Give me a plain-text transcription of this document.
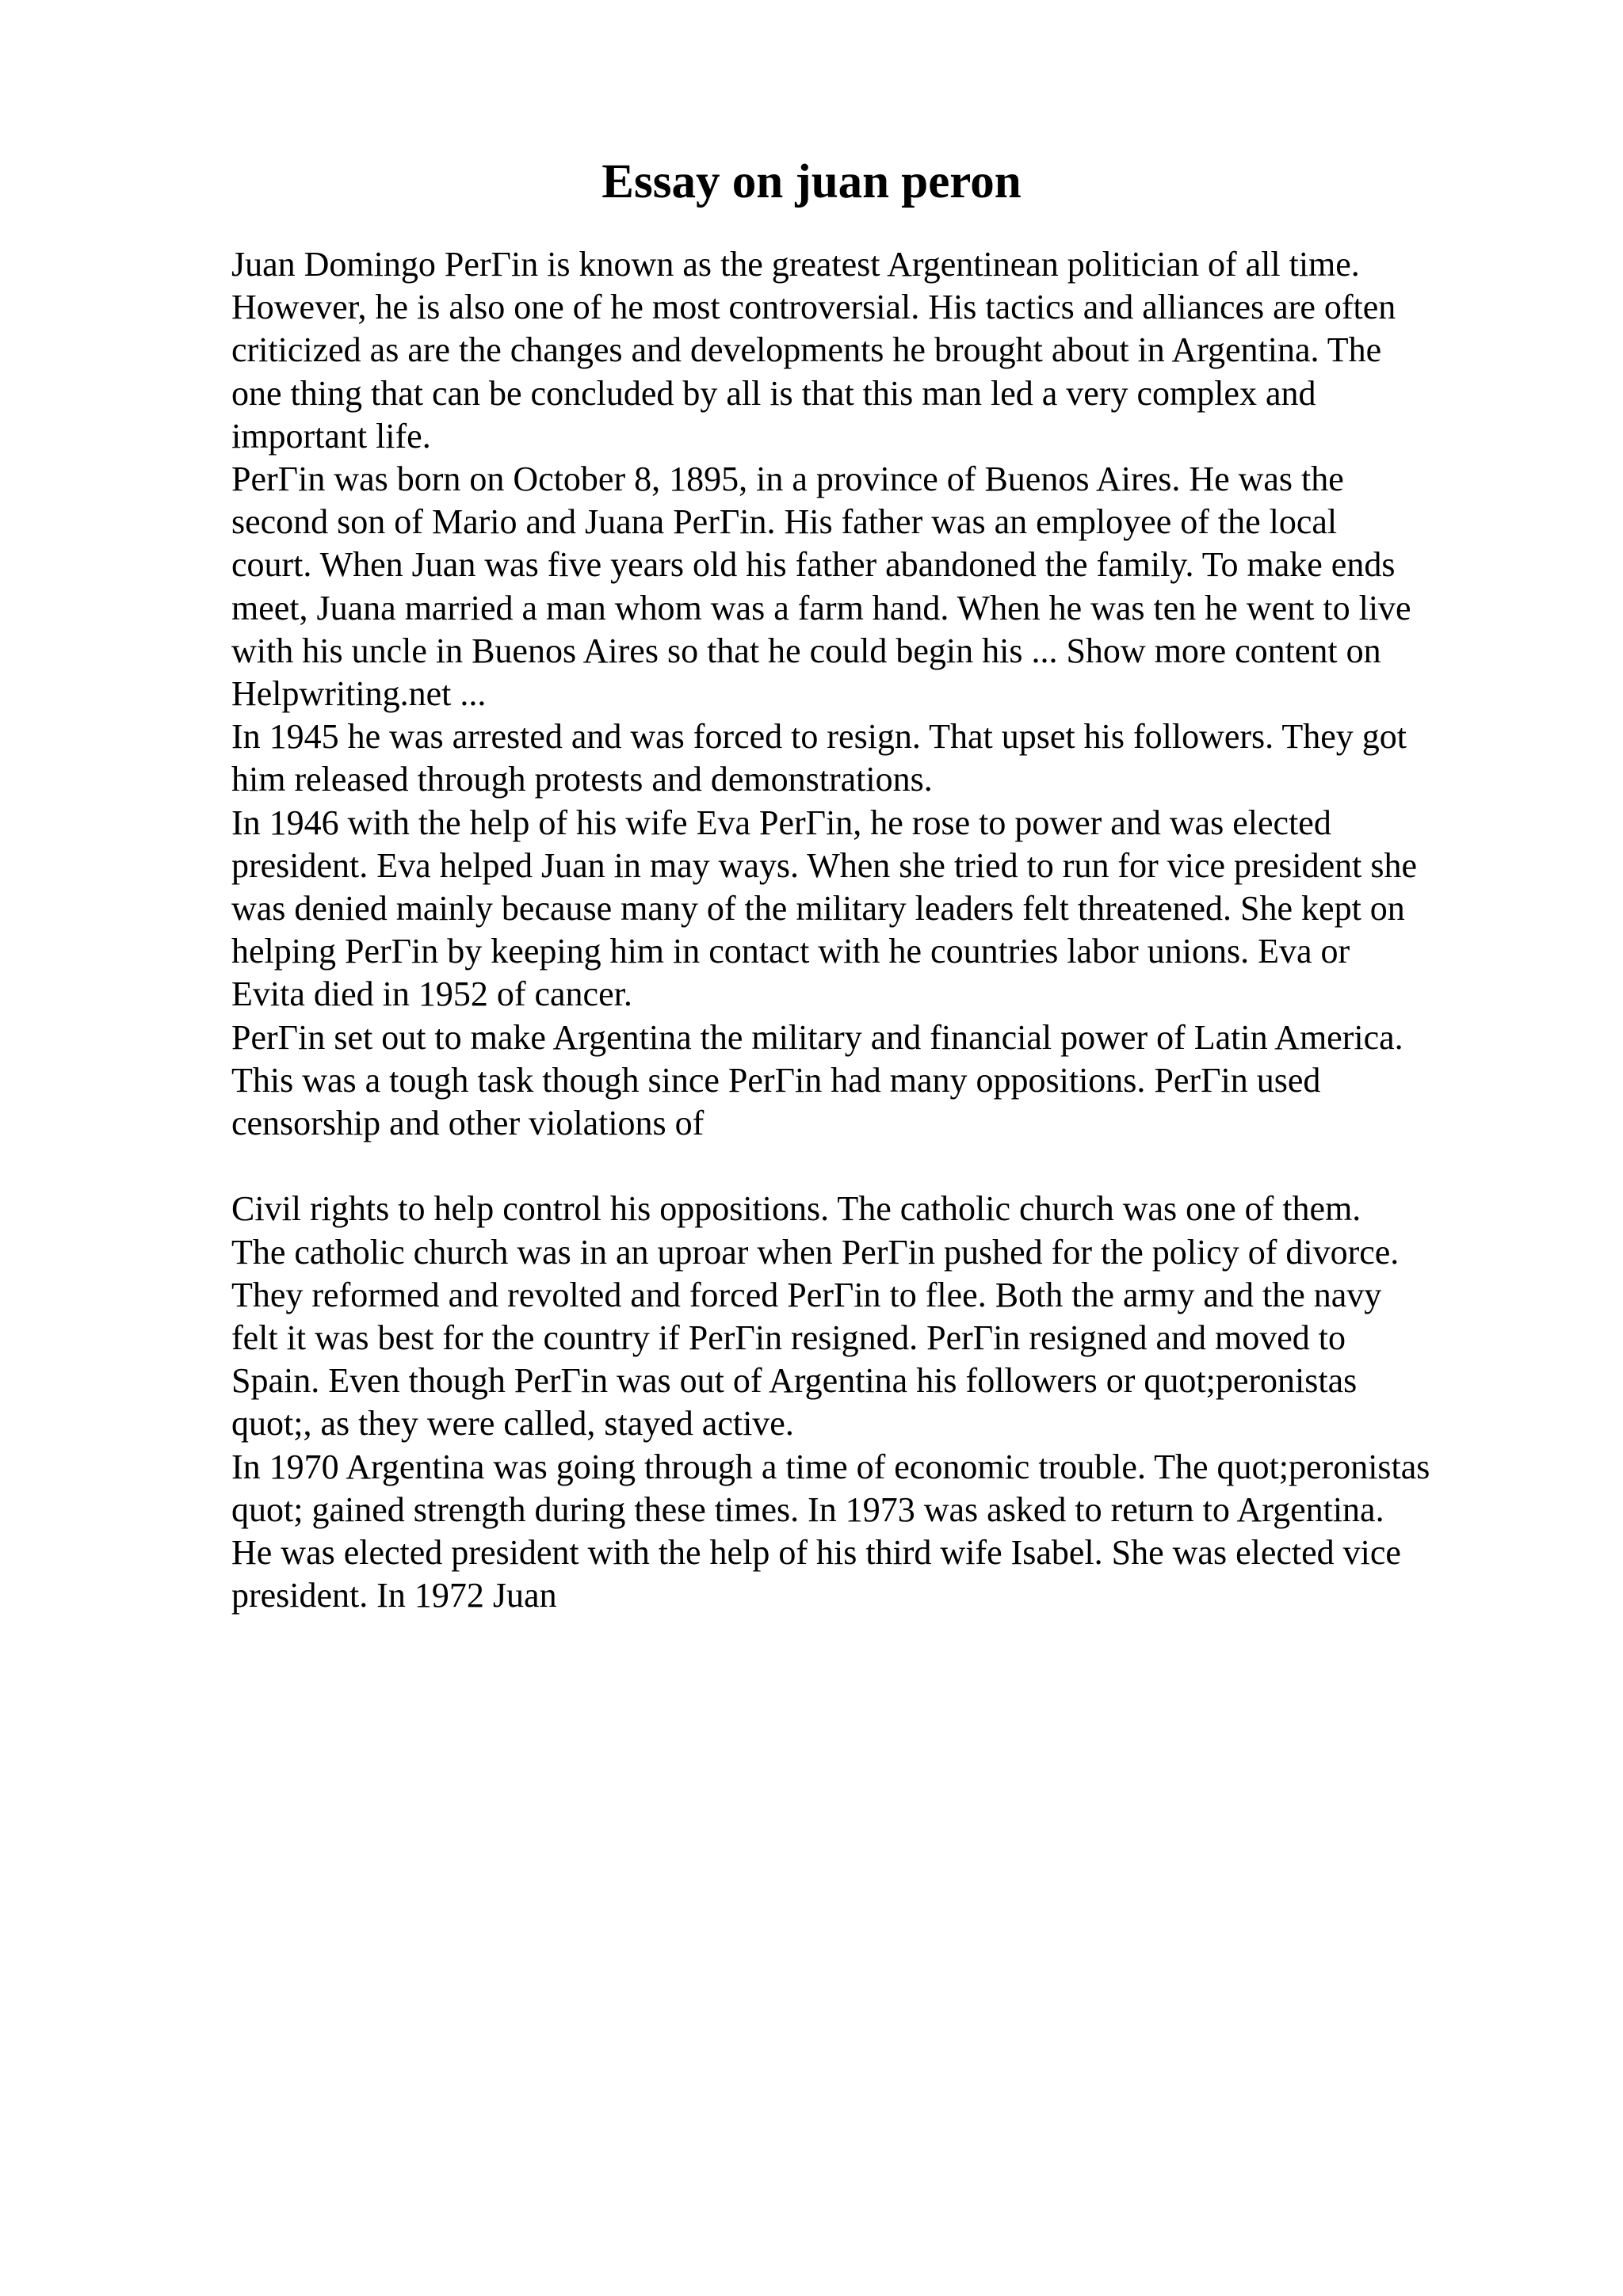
Essay on juan peron
Juan Domingo PerΓin is known as the greatest Argentinean politician of all time.
However, he is also one of he most controversial. His tactics and alliances are often
criticized as are the changes and developments he brought about in Argentina. The
one thing that can be concluded by all is that this man led a very complex and
important life.
PerΓin was born on October 8, 1895, in a province of Buenos Aires. He was the
second son of Mario and Juana PerΓin. His father was an employee of the local
court. When Juan was five years old his father abandoned the family. To make ends
meet, Juana married a man whom was a farm hand. When he was ten he went to live
with his uncle in Buenos Aires so that he could begin his ... Show more content on
Helpwriting.net ...
In 1945 he was arrested and was forced to resign. That upset his followers. They got
him released through protests and demonstrations.
In 1946 with the help of his wife Eva PerΓin, he rose to power and was elected
president. Eva helped Juan in may ways. When she tried to run for vice president she
was denied mainly because many of the military leaders felt threatened. She kept on
helping PerΓin by keeping him in contact with he countries labor unions. Eva or
Evita died in 1952 of cancer.
PerΓin set out to make Argentina the military and financial power of Latin America.
This was a tough task though since PerΓin had many oppositions. PerΓin used
censorship and other violations of
Civil rights to help control his oppositions. The catholic church was one of them.
The catholic church was in an uproar when PerΓin pushed for the policy of divorce.
They reformed and revolted and forced PerΓin to flee. Both the army and the navy
felt it was best for the country if PerΓin resigned. PerΓin resigned and moved to
Spain. Even though PerΓin was out of Argentina his followers or quot;peronistas
quot;, as they were called, stayed active.
In 1970 Argentina was going through a time of economic trouble. The quot;peronistas
quot; gained strength during these times. In 1973 was asked to return to Argentina.
He was elected president with the help of his third wife Isabel. She was elected vice
president. In 1972 Juan
